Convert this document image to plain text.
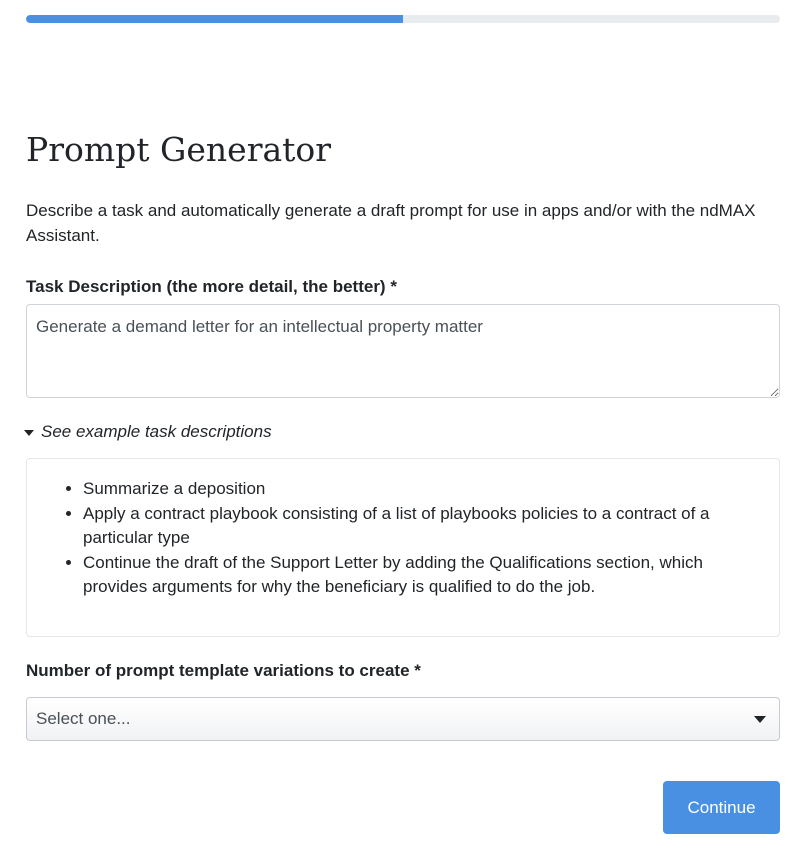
Prompt Generator

Describe a task and automatically generate a draft prompt for use in apps and/or with the ndMAX Assistant.

Task Description (the more detail, the better) *
Generate a demand letter for an intellectual property matter
See example task descriptions
• Summarize a deposition
• Apply a contract playbook consisting of a list of playbooks policies to a contract of a particular type
• Continue the draft of the Support Letter by adding the Qualifications section, which provides arguments for why the beneficiary is qualified to do the job.
Number of prompt template variations to create *
Select one...
Continue
